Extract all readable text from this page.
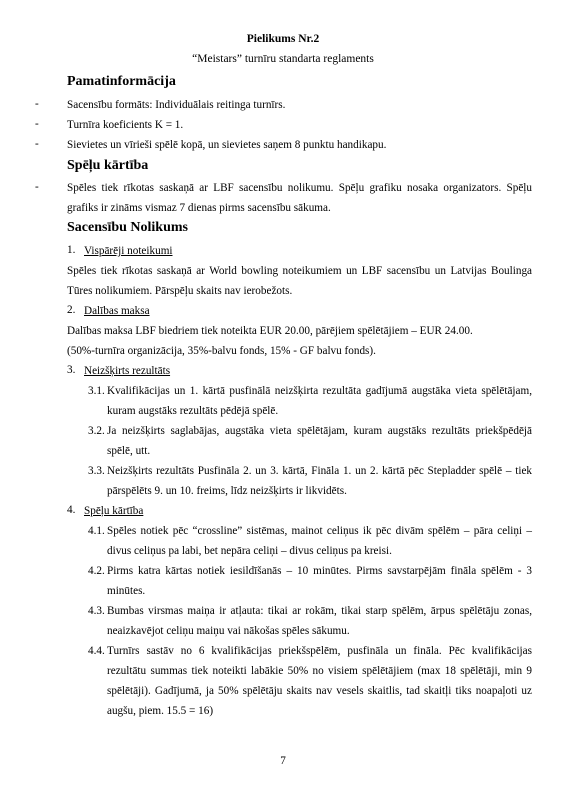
Pielikums Nr.2
“Meistars” turnīru standarta reglaments
Pamatinformācija
-	Sacensību formāts: Individuālais reitinga turnīrs.
-	Turnīra koeficients K = 1.
-	Sievietes un vīrieši spēlē kopā, un sievietes saņem 8 punktu handikapu.
Spēļu kārtība
-	Spēles tiek rīkotas saskaņā ar LBF sacensību nolikumu. Spēļu grafiku nosaka organizators. Spēļu
grafiks ir zināms vismaz 7 dienas pirms sacensību sākuma.
Sacensību Nolikums
1. Vispārēji noteikumi
Spēles tiek rīkotas saskaņā ar World bowling noteikumiem un LBF sacensību un Latvijas Boulinga
Tūres nolikumiem. Pārspēļu skaits nav ierobežots.
2. Dalības maksa
Dalības maksa LBF biedriem tiek noteikta EUR 20.00, pārējiem spēlētājiem – EUR 24.00.
(50%-turnīra organizācija, 35%-balvu fonds, 15% - GF balvu fonds).
3. Neizšķirts rezultāts
3.1. Kvalifikācijas un 1. kārtā pusfinālā neizšķirta rezultāta gadījumā augstāka vieta spēlētājam,
kuram augstāks rezultāts pēdējā spēlē.
3.2. Ja neizšķirts saglabājas, augstāka vieta spēlētājam, kuram augstāks rezultāts priekšpēdējā
spēlē, utt.
3.3. Neizšķirts rezultāts Pusfināla 2. un 3. kārtā, Fināla 1. un 2. kārtā pēc Stepladder spēlē – tiek
pārspēlēts 9. un 10. freims, līdz neizšķirts ir likvidēts.
4. Spēļu kārtība
4.1. Spēles notiek pēc “crossline” sistēmas, mainot celiņus ik pēc divām spēlēm – pāra celiņi –
divus celiņus pa labi, bet nepāra celiņi – divus celiņus pa kreisi.
4.2. Pirms katra kārtas notiek iesildīšanās – 10 minūtes. Pirms savstarpējām fināla spēlēm - 3
minūtes.
4.3. Bumbas virsmas maiņa ir atļauta: tikai ar rokām, tikai starp spēlēm, ārpus spēlētāju zonas,
neaizkavējot celiņu maiņu vai nākošas spēles sākumu.
4.4. Turnīrs sastāv no 6 kvalifikācijas priekšspēlēm, pusfināla un fināla. Pēc kvalifikācijas
rezultātu summas tiek noteikti labākie 50% no visiem spēlētājiem (max 18 spēlētāji, min 9
spēlētāji). Gadījumā, ja 50% spēlētāju skaits nav vesels skaitlis, tad skaitļi tiks noapaļoti uz
augšu, piem. 15.5 = 16)
7
